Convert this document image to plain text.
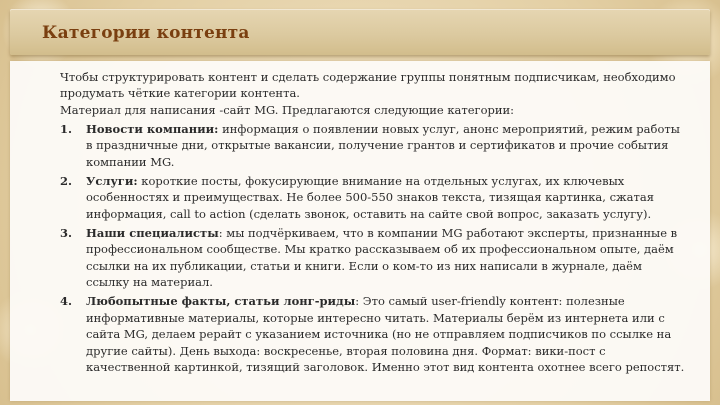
Категории контента

Чтобы структурировать контент и сделать содержание группы понятным подписчикам, необходимо продумать чёткие категории контента.

Материал для написания -сайт MG. Предлагаются следующие категории:

1. Новости компании: информация о появлении новых услуг, анонс мероприятий, режим работы в праздничные дни, открытые вакансии, получение грантов и сертификатов и прочие события компании MG.
2. Услуги: короткие посты, фокусирующие внимание на отдельных услугах, их ключевых особенностях и преимуществах. Не более 500-550 знаков текста, тизящая картинка, сжатая информация, call to action (сделать звонок, оставить на сайте свой вопрос, заказать услугу).
3. Наши специалисты: мы подчёркиваем, что в компании MG работают эксперты, признанные в профессиональном сообществе. Мы кратко рассказываем об их профессиональном опыте, даём ссылки на их публикации, статьи и книги. Если о ком-то из них написали в журнале, даём ссылку на материал.
4. Любопытные факты, статьи лонг-риды: Это самый user-friendly контент: полезные информативные материалы, которые интересно читать. Материалы берём из интернета или с сайта MG, делаем рерайт с указанием источника (но не отправляем подписчиков по ссылке на другие сайты). День выхода: воскресенье, вторая половина дня. Формат: вики-пост с качественной картинкой, тизящий заголовок. Именно этот вид контента охотнее всего репостят.
